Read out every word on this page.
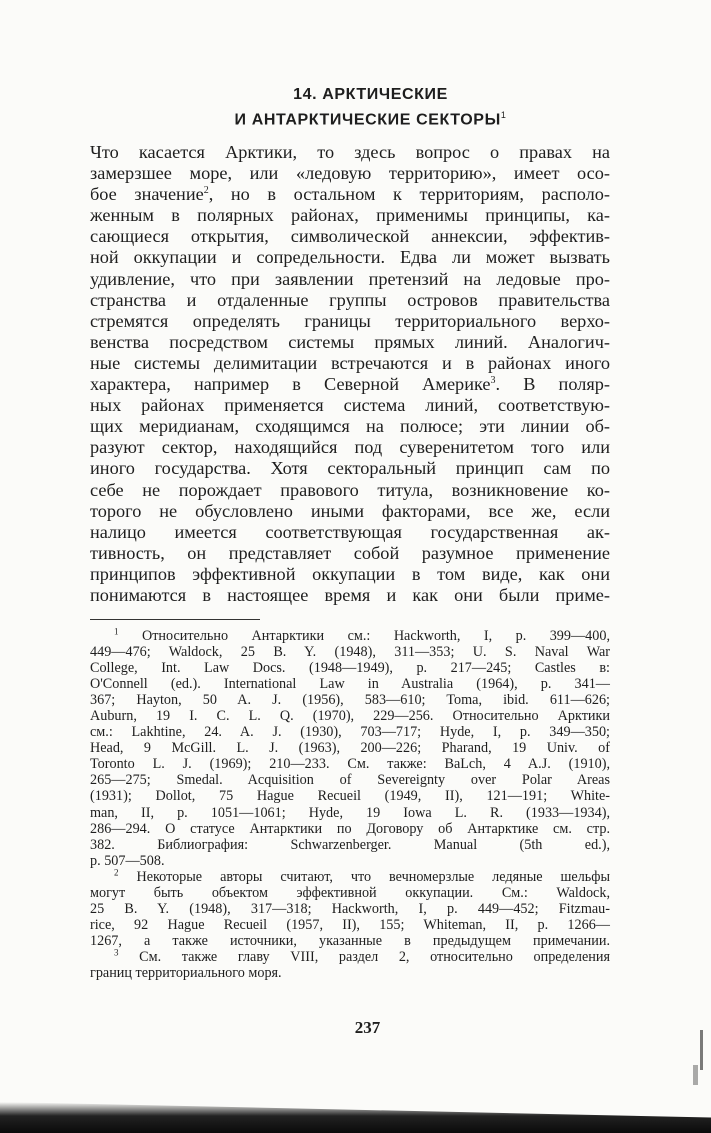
14. АРКТИЧЕСКИЕ
И АНТАРКТИЧЕСКИЕ СЕКТОРЫ$^1$
Что касается Арктики, то здесь вопрос о правах на
замерзшее море, или «ледовую территорию», имеет осо-
бое значение$^2$, но в остальном к территориям, располо-
женным в полярных районах, применимы принципы, ка-
сающиеся открытия, символической аннексии, эффектив-
ной оккупации и сопредельности. Едва ли может вызвать
удивление, что при заявлении претензий на ледовые про-
странства и отдаленные группы островов правительства
стремятся определять границы территориального верхо-
венства посредством системы прямых линий. Аналогич-
ные системы делимитации встречаются и в районах иного
характера, например в Северной Америке$^3$. В поляр-
ных районах применяется система линий, соответствую-
щих меридианам, сходящимся на полюсе; эти линии об-
разуют сектор, находящийся под суверенитетом того или
иного государства. Хотя секторальный принцип сам по
себе не порождает правового титула, возникновение ко-
торого не обусловлено иными факторами, все же, если
налицо имеется соответствующая государственная ак-
тивность, он представляет собой разумное применение
принципов эффективной оккупации в том виде, как они
понимаются в настоящее время и как они были приме-
$^1$ Относительно Антарктики см.: Hackworth, I, p. 399—400,
449—476; Waldock, 25 B. Y. (1948), 311—353; U. S. Naval War
College, Int. Law Docs. (1948—1949), p. 217—245; Castles в:
O'Connell (ed.). International Law in Australia (1964), p. 341—
367; Hayton, 50 A. J. (1956), 583—610; Toma, ibid. 611—626;
Auburn, 19 I. C. L. Q. (1970), 229—256. Относительно Арктики
см.: Lakhtine, 24. A. J. (1930), 703—717; Hyde, I, p. 349—350;
Head, 9 McGill. L. J. (1963), 200—226; Pharand, 19 Univ. of
Toronto L. J. (1969); 210—233. См. также: BaLch, 4 A.J. (1910),
265—275; Smedal. Acquisition of Severeignty over Polar Areas
(1931); Dollot, 75 Hague Recueil (1949, II), 121—191; White-
man, II, p. 1051—1061; Hyde, 19 Iowa L. R. (1933—1934),
286—294. О статусе Антарктики по Договору об Антарктике см. стр.
382. Библиография: Schwarzenberger. Manual (5th ed.),
p. 507—508.
$^2$ Некоторые авторы считают, что вечномерзлые ледяные шельфы
могут быть объектом эффективной оккупации. См.: Waldock,
25 B. Y. (1948), 317—318; Hackworth, I, p. 449—452; Fitzmau-
rice, 92 Hague Recueil (1957, II), 155; Whiteman, II, p. 1266—
1267, а также источники, указанные в предыдущем примечании.
$^3$ См. также главу VIII, раздел 2, относительно определения
границ территориального моря.
237
